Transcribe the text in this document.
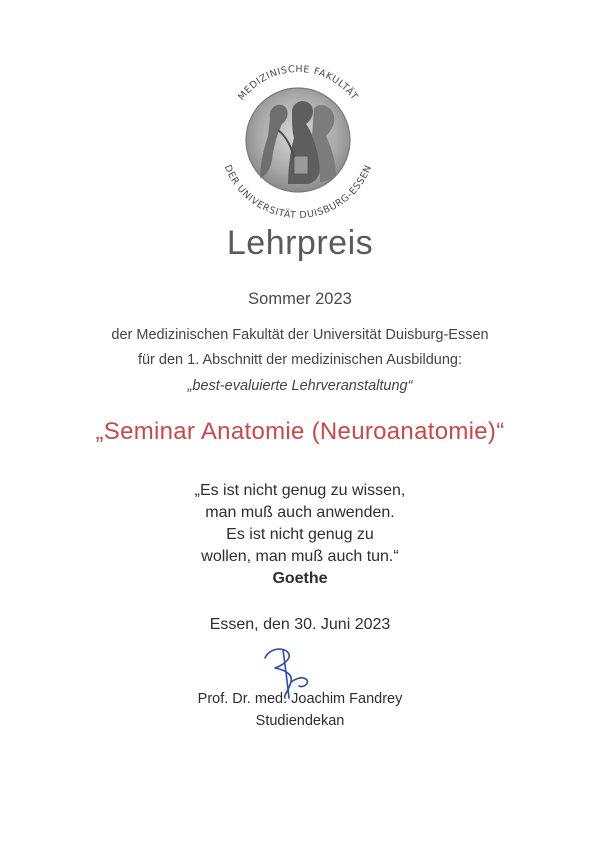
MEDIZINISCHE FAKULTÄT
DER UNIVERSITÄT DUISBURG-ESSEN
Lehrpreis
Sommer 2023
der Medizinischen Fakultät der Universität Duisburg-Essen
für den 1. Abschnitt der medizinischen Ausbildung:
„best-evaluierte Lehrveranstaltung“
„Seminar Anatomie (Neuroanatomie)“
„Es ist nicht genug zu wissen,
man muß auch anwenden.
Es ist nicht genug zu
wollen, man muß auch tun.“
Goethe
Essen, den 30. Juni 2023
Prof. Dr. med. Joachim Fandrey
Studiendekan
